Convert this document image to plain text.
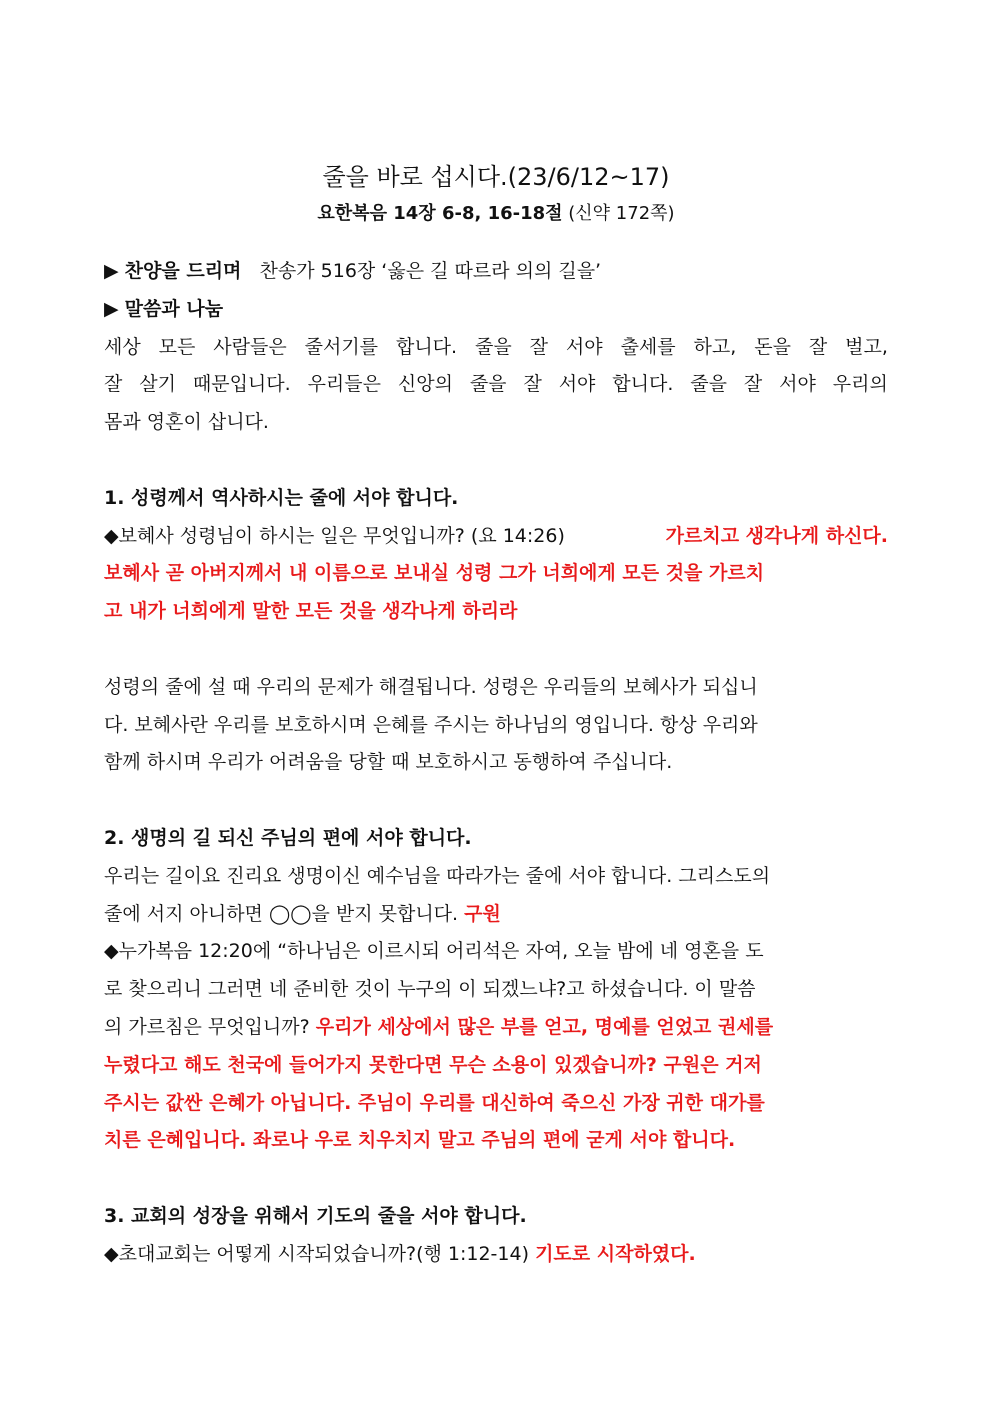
줄을 바로 섭시다.(23/6/12~17)
요한복음 14장 6-8, 16-18절 (신약 172쪽)
▶ 찬양을 드리며 찬송가 516장 ‘옳은 길 따르라 의의 길을’
▶ 말씀과 나눔
세상 모든 사람들은 줄서기를 합니다. 줄을 잘 서야 출세를 하고, 돈을 잘 벌고,
잘 살기 때문입니다. 우리들은 신앙의 줄을 잘 서야 합니다. 줄을 잘 서야 우리의
몸과 영혼이 삽니다.
1. 성령께서 역사하시는 줄에 서야 합니다.
◆보혜사 성령님이 하시는 일은 무엇입니까? (요 14:26)	가르치고 생각나게 하신다.
보혜사 곧 아버지께서 내 이름으로 보내실 성령 그가 너희에게 모든 것을 가르치
고 내가 너희에게 말한 모든 것을 생각나게 하리라
성령의 줄에 설 때 우리의 문제가 해결됩니다. 성령은 우리들의 보혜사가 되십니
다. 보혜사란 우리를 보호하시며 은혜를 주시는 하나님의 영입니다. 항상 우리와
함께 하시며 우리가 어려움을 당할 때 보호하시고 동행하여 주십니다.
2. 생명의 길 되신 주님의 편에 서야 합니다.
우리는 길이요 진리요 생명이신 예수님을 따라가는 줄에 서야 합니다. 그리스도의
줄에 서지 아니하면 ◯◯을 받지 못합니다. 구원
◆누가복음 12:20에 “하나님은 이르시되 어리석은 자여, 오늘 밤에 네 영혼을 도
로 찾으리니 그러면 네 준비한 것이 누구의 이 되겠느냐?고 하셨습니다. 이 말씀
의 가르침은 무엇입니까? 우리가 세상에서 많은 부를 얻고, 명예를 얻었고 권세를
누렸다고 해도 천국에 들어가지 못한다면 무슨 소용이 있겠습니까? 구원은 거저
주시는 값싼 은혜가 아닙니다. 주님이 우리를 대신하여 죽으신 가장 귀한 대가를
치른 은혜입니다. 좌로나 우로 치우치지 말고 주님의 편에 굳게 서야 합니다.
3. 교회의 성장을 위해서 기도의 줄을 서야 합니다.
◆초대교회는 어떻게 시작되었습니까?(행 1:12-14) 기도로 시작하였다.
